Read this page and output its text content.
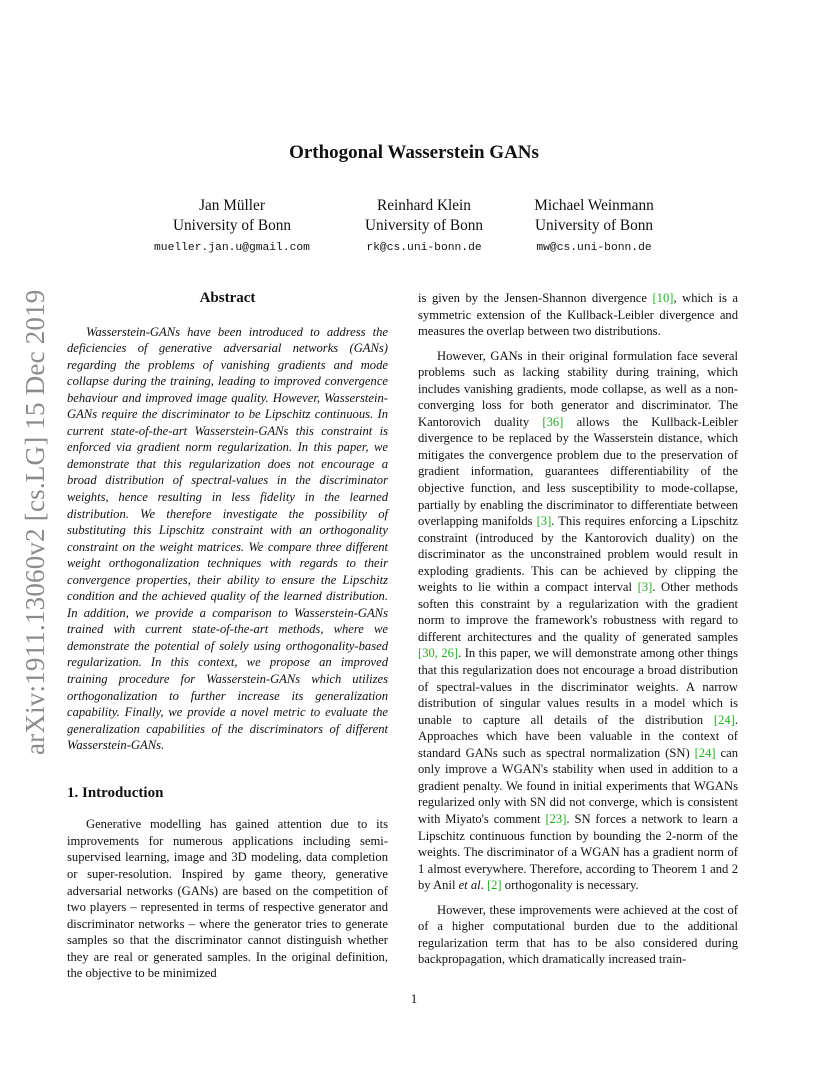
arXiv:1911.13060v2 [cs.LG] 15 Dec 2019
Orthogonal Wasserstein GANs
Jan Müller
University of Bonn
mueller.jan.u@gmail.com
Reinhard Klein
University of Bonn
rk@cs.uni-bonn.de
Michael Weinmann
University of Bonn
mw@cs.uni-bonn.de
Abstract

Wasserstein-GANs have been introduced to address the deficiencies of generative adversarial networks (GANs) regarding the problems of vanishing gradients and mode collapse during the training, leading to improved convergence behaviour and improved image quality. However, Wasserstein-GANs require the discriminator to be Lipschitz continuous. In current state-of-the-art Wasserstein-GANs this constraint is enforced via gradient norm regularization. In this paper, we demonstrate that this regularization does not encourage a broad distribution of spectral-values in the discriminator weights, hence resulting in less fidelity in the learned distribution. We therefore investigate the possibility of substituting this Lipschitz constraint with an orthogonality constraint on the weight matrices. We compare three different weight orthogonalization techniques with regards to their convergence properties, their ability to ensure the Lipschitz condition and the achieved quality of the learned distribution. In addition, we provide a comparison to Wasserstein-GANs trained with current state-of-the-art methods, where we demonstrate the potential of solely using orthogonality-based regularization. In this context, we propose an improved training procedure for Wasserstein-GANs which utilizes orthogonalization to further increase its generalization capability. Finally, we provide a novel metric to evaluate the generalization capabilities of the discriminators of different Wasserstein-GANs.

1. Introduction

Generative modelling has gained attention due to its improvements for numerous applications including semi-supervised learning, image and 3D modeling, data completion or super-resolution. Inspired by game theory, generative adversarial networks (GANs) are based on the competition of two players – represented in terms of respective generator and discriminator networks – where the generator tries to generate samples so that the discriminator cannot distinguish whether they are real or generated samples. In the original definition, the objective to be minimized

is given by the Jensen-Shannon divergence [10], which is a symmetric extension of the Kullback-Leibler divergence and measures the overlap between two distributions.

However, GANs in their original formulation face several problems such as lacking stability during training, which includes vanishing gradients, mode collapse, as well as a non-converging loss for both generator and discriminator. The Kantorovich duality [36] allows the Kullback-Leibler divergence to be replaced by the Wasserstein distance, which mitigates the convergence problem due to the preservation of gradient information, guarantees differentiability of the objective function, and less susceptibility to mode-collapse, partially by enabling the discriminator to differentiate between overlapping manifolds [3]. This requires enforcing a Lipschitz constraint (introduced by the Kantorovich duality) on the discriminator as the unconstrained problem would result in exploding gradients. This can be achieved by clipping the weights to lie within a compact interval [3]. Other methods soften this constraint by a regularization with the gradient norm to improve the framework's robustness with regard to different architectures and the quality of generated samples [30, 26]. In this paper, we will demonstrate among other things that this regularization does not encourage a broad distribution of spectral-values in the discriminator weights. A narrow distribution of singular values results in a model which is unable to capture all details of the distribution [24]. Approaches which have been valuable in the context of standard GANs such as spectral normalization (SN) [24] can only improve a WGAN's stability when used in addition to a gradient penalty. We found in initial experiments that WGANs regularized only with SN did not converge, which is consistent with Miyato's comment [23]. SN forces a network to learn a Lipschitz continuous function by bounding the 2-norm of the weights. The discriminator of a WGAN has a gradient norm of 1 almost everywhere. Therefore, according to Theorem 1 and 2 by Anil et al. [2] orthogonality is necessary.

However, these improvements were achieved at the cost of of a higher computational burden due to the additional regularization term that has to be also considered during backpropagation, which dramatically increased train-

1
